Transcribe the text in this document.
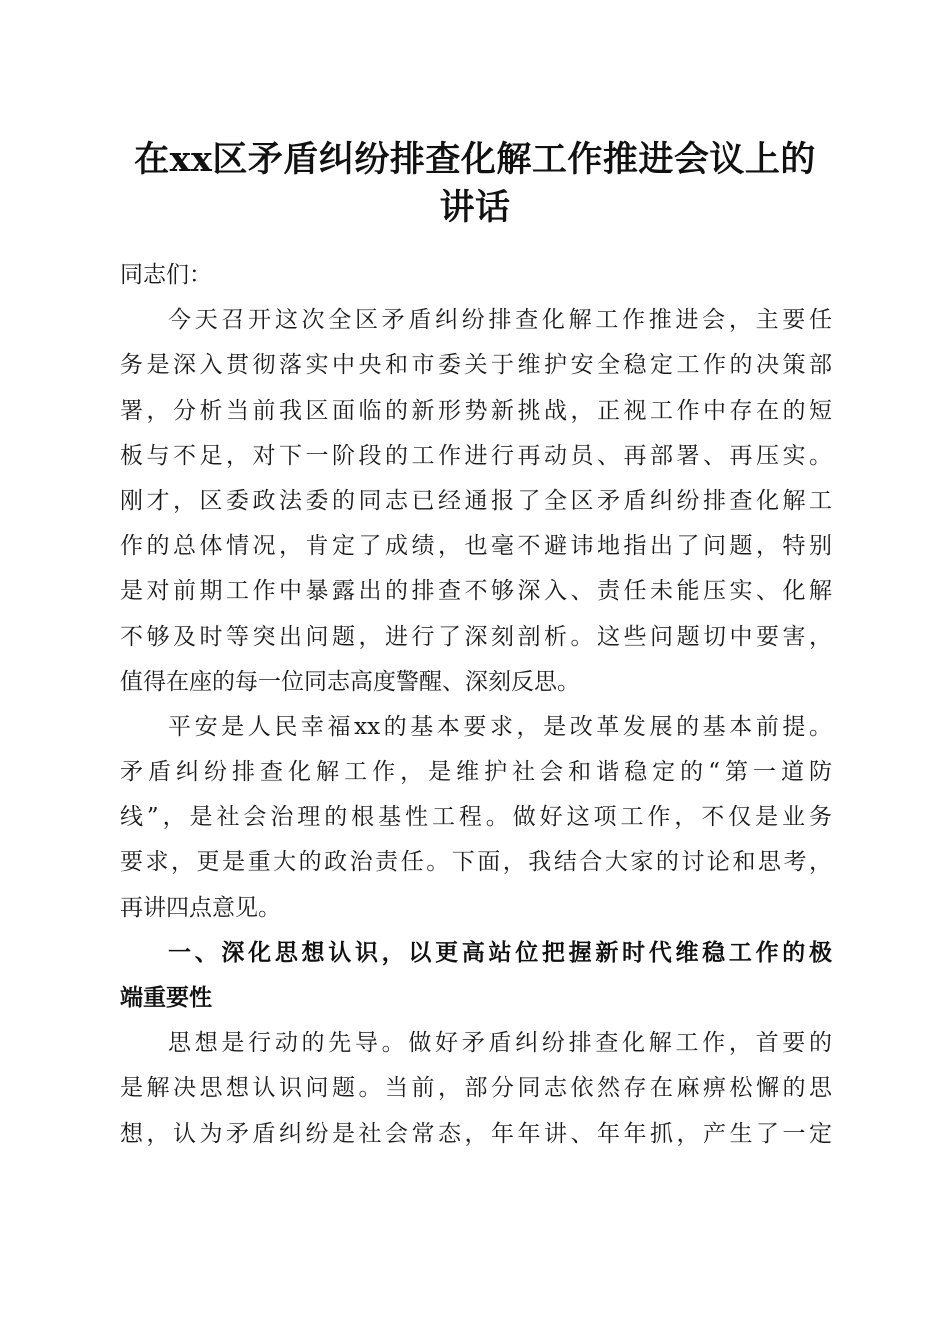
在xx区矛盾纠纷排查化解工作推进会议上的
讲话

同志们：

今天召开这次全区矛盾纠纷排查化解工作推进会，主要任
务是深入贯彻落实中央和市委关于维护安全稳定工作的决策部
署，分析当前我区面临的新形势新挑战，正视工作中存在的短
板与不足，对下一阶段的工作进行再动员、再部署、再压实。
刚才，区委政法委的同志已经通报了全区矛盾纠纷排查化解工
作的总体情况，肯定了成绩，也毫不避讳地指出了问题，特别
是对前期工作中暴露出的排查不够深入、责任未能压实、化解
不够及时等突出问题，进行了深刻剖析。这些问题切中要害，
值得在座的每一位同志高度警醒、深刻反思。

平安是人民幸福xx的基本要求，是改革发展的基本前提。
矛盾纠纷排查化解工作，是维护社会和谐稳定的“第一道防
线”，是社会治理的根基性工程。做好这项工作，不仅是业务
要求，更是重大的政治责任。下面，我结合大家的讨论和思考，
再讲四点意见。

一、深化思想认识，以更高站位把握新时代维稳工作的极
端重要性

思想是行动的先导。做好矛盾纠纷排查化解工作，首要的
是解决思想认识问题。当前，部分同志依然存在麻痹松懈的思
想，认为矛盾纠纷是社会常态，年年讲、年年抓，产生了一定
